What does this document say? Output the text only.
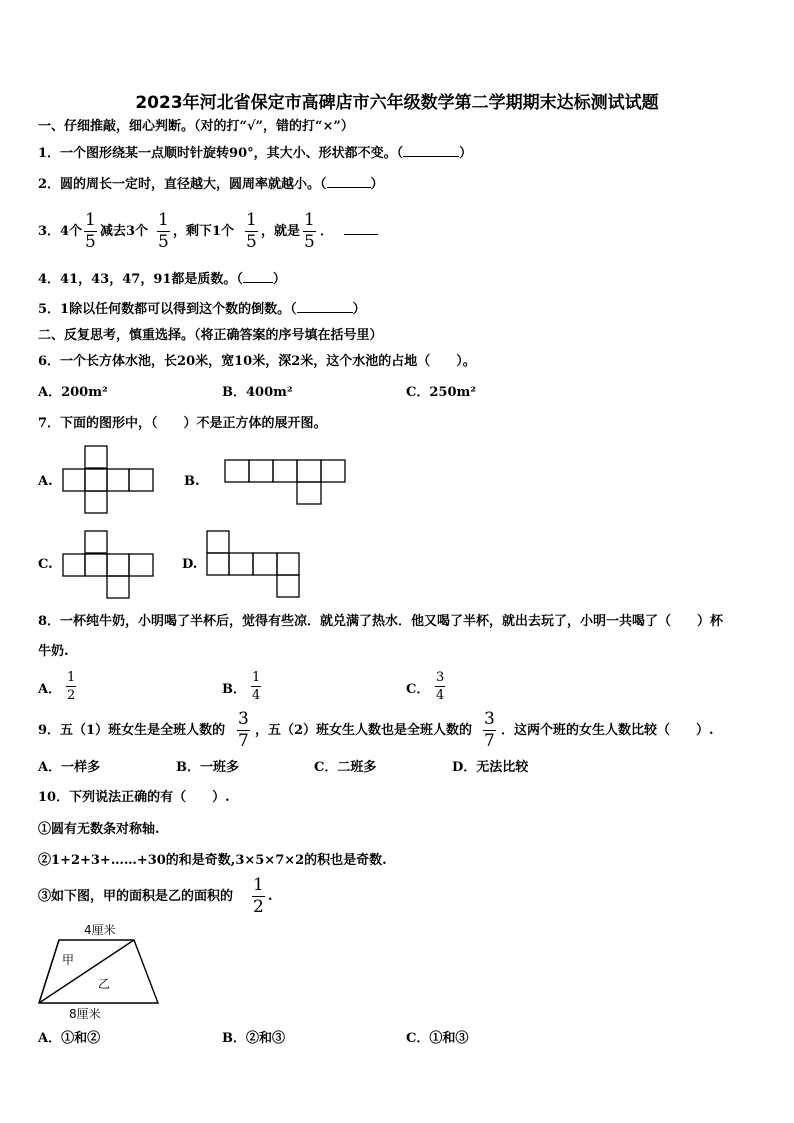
2023年河北省保定市高碑店市六年级数学第二学期期末达标测试试题
一、仔细推敲，细心判断。（对的打“√”，错的打“×”）
1．一个图形绕某一点顺时针旋转90°，其大小、形状都不变。（	）
2．圆的周长一定时，直径越大，圆周率就越小。（	）
3．4个
1
5
减去3个
1
5
，剩下1个
1
5
，就是
1
5
．
4．41，43，47，91都是质数。（ ）
5．1除以任何数都可以得到这个数的倒数。（	）
二、反复思考，慎重选择。（将正确答案的序号填在括号里）
6．一个长方体水池，长20米，宽10米，深2米，这个水池的占地（　　）。
A．200m²	B．400m²	C．250m²
7．下面的图形中，（　　）不是正方体的展开图。
A.	B.
C.	D.
8．一杯纯牛奶，小明喝了半杯后，觉得有些凉．就兑满了热水．他又喝了半杯，就出去玩了，小明一共喝了（　　）杯
牛奶.
A．
1
2	B．
1
4	C．
3
4
9．五（1）班女生是全班人数的
3
7
，五（2）班女生人数也是全班人数的
3
7
．这两个班的女生人数比较（　　）.
A．一样多	B．一班多	C．二班多	D．无法比较
10．下列说法正确的有（　　）.
①圆有无数条对称轴.
②1+2+3+……+30的和是奇数,3×5×7×2的积也是奇数.
③如下图，甲的面积是乙的面积的
1
2
.
4厘米
8厘米
甲
乙
A．①和②	B．②和③	C．①和③
